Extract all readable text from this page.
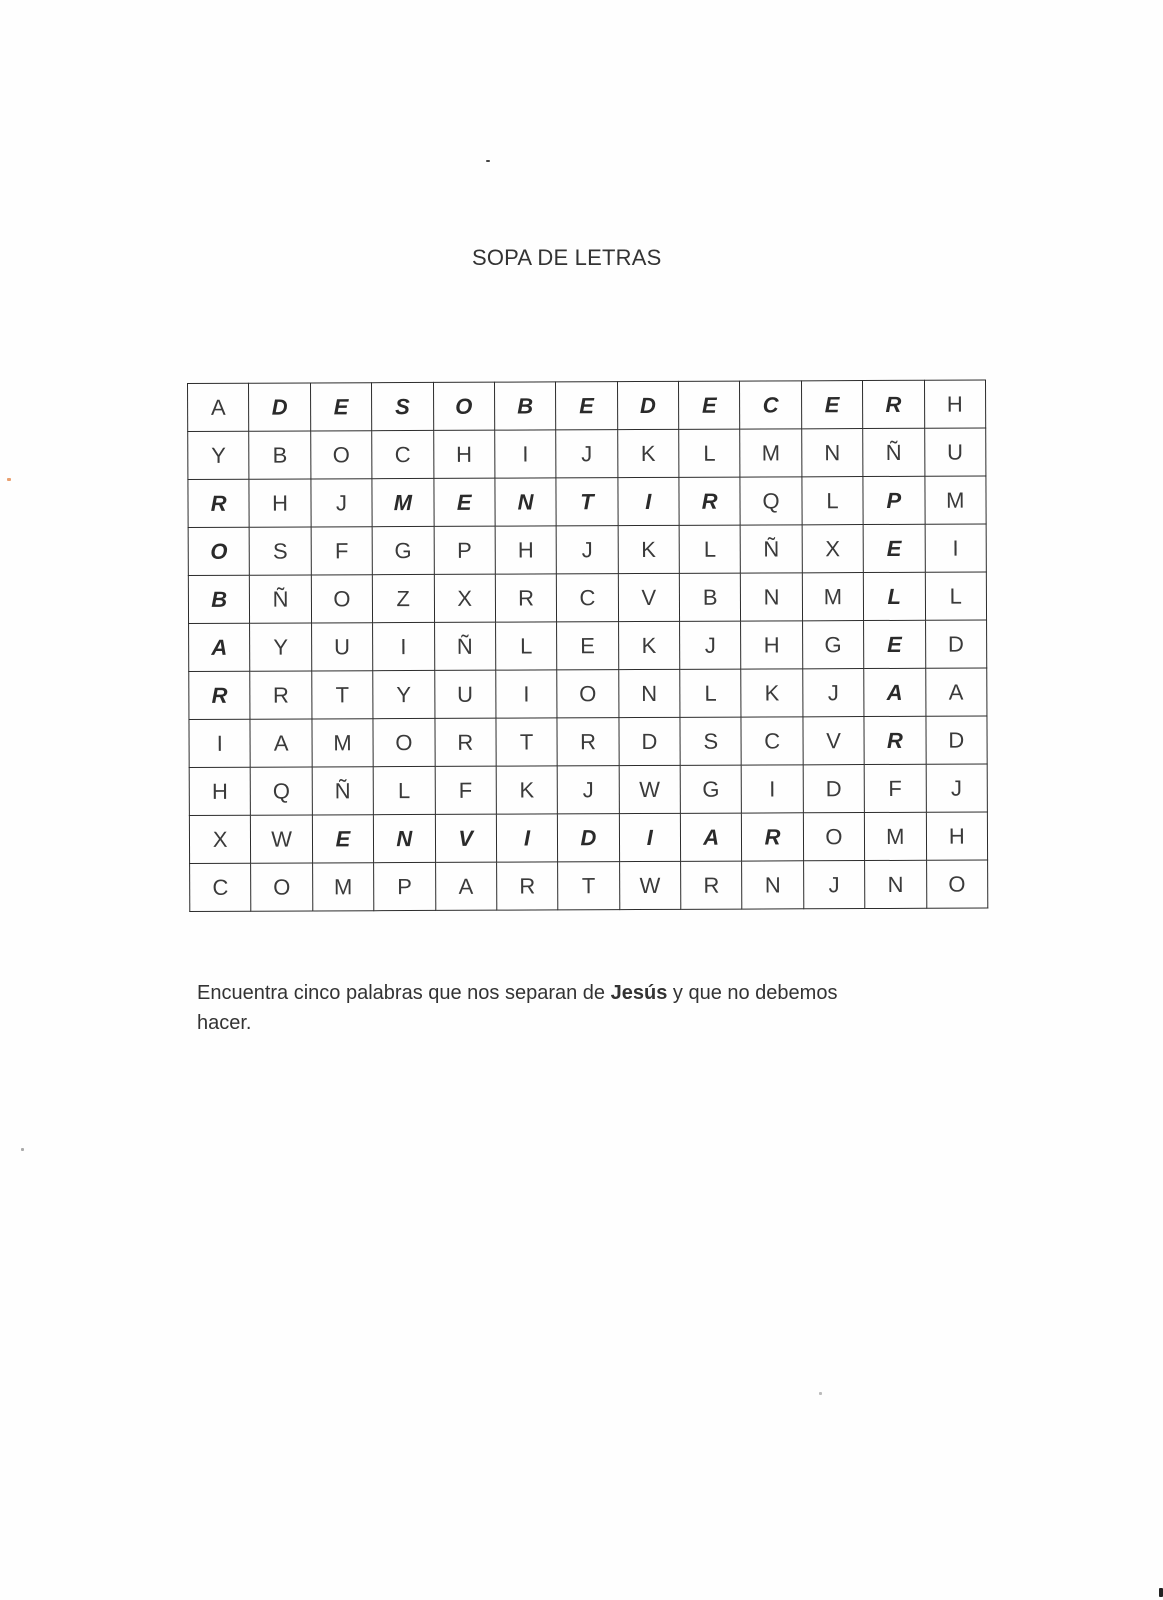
SOPA DE LETRAS
A	D	E	S	O	B	E	D	E	C	E	R	H
Y	B	O	C	H	I	J	K	L	M	N	Ñ	U
R	H	J	M	E	N	T	I	R	Q	L	P	M
O	S	F	G	P	H	J	K	L	Ñ	X	E	I
B	Ñ	O	Z	X	R	C	V	B	N	M	L	L
A	Y	U	I	Ñ	L	E	K	J	H	G	E	D
R	R	T	Y	U	I	O	N	L	K	J	A	A
I	A	M	O	R	T	R	D	S	C	V	R	D
H	Q	Ñ	L	F	K	J	W	G	I	D	F	J
X	W	E	N	V	I	D	I	A	R	O	M	H
C	O	M	P	A	R	T	W	R	N	J	N	O
Encuentra cinco palabras que nos separan de Jesús y que no debemos
hacer.
